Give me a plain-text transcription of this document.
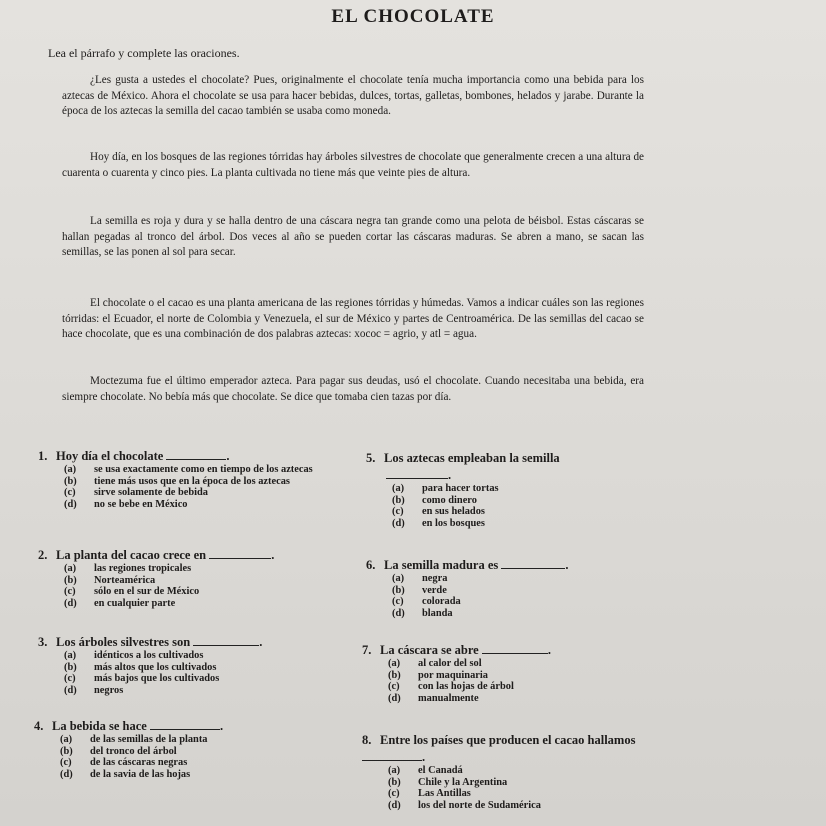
EL CHOCOLATE
Lea el párrafo y complete las oraciones.

¿Les gusta a ustedes el chocolate? Pues, originalmente el chocolate tenía mucha importancia como una bebida para los aztecas de México. Ahora el chocolate se usa para hacer bebidas, dulces, tortas, galletas, bombones, helados y jarabe. Durante la época de los aztecas la semilla del cacao también se usaba como moneda.

Hoy día, en los bosques de las regiones tórridas hay árboles silvestres de chocolate que generalmente crecen a una altura de cuarenta o cuarenta y cinco pies. La planta cultivada no tiene más que veinte pies de altura.

La semilla es roja y dura y se halla dentro de una cáscara negra tan grande como una pelota de béisbol. Estas cáscaras se hallan pegadas al tronco del árbol. Dos veces al año se pueden cortar las cáscaras maduras. Se abren a mano, se sacan las semillas, se las ponen al sol para secar.

El chocolate o el cacao es una planta americana de las regiones tórridas y húmedas. Vamos a indicar cuáles son las regiones tórridas: el Ecuador, el norte de Colombia y Venezuela, el sur de México y partes de Centroamérica. De las semillas del cacao se hace chocolate, que es una combinación de dos palabras aztecas: xococ = agrio, y atl = agua.

Moctezuma fue el último emperador azteca. Para pagar sus deudas, usó el chocolate. Cuando necesitaba una bebida, era siempre chocolate. No bebía más que chocolate. Se dice que tomaba cien tazas por día.

1. Hoy día el chocolate	.
(a)	se usa exactamente como en tiempo de los aztecas
(b)	tiene más usos que en la época de los aztecas
(c)	sirve solamente de bebida
(d)	no se bebe en México
2. La planta del cacao crece en	.
(a)	las regiones tropicales
(b)	Norteamérica
(c)	sólo en el sur de México
(d)	en cualquier parte
3. Los árboles silvestres son	.
(a)	idénticos a los cultivados
(b)	más altos que los cultivados
(c)	más bajos que los cultivados
(d)	negros
4. La bebida se hace	.
(a)	de las semillas de la planta
(b)	del tronco del árbol
(c)	de las cáscaras negras
(d)	de la savia de las hojas
5. Los aztecas empleaban la semilla
.
(a)	para hacer tortas
(b)	como dinero
(c)	en sus helados
(d)	en los bosques
6. La semilla madura es	.
(a)	negra
(b)	verde
(c)	colorada
(d)	blanda
7. La cáscara se abre	.
(a)	al calor del sol
(b)	por maquinaria
(c)	con las hojas de árbol
(d)	manualmente
8. Entre los países que producen el cacao hallamos .
(a)	el Canadá
(b)	Chile y la Argentina
(c)	Las Antillas
(d)	los del norte de Sudamérica
